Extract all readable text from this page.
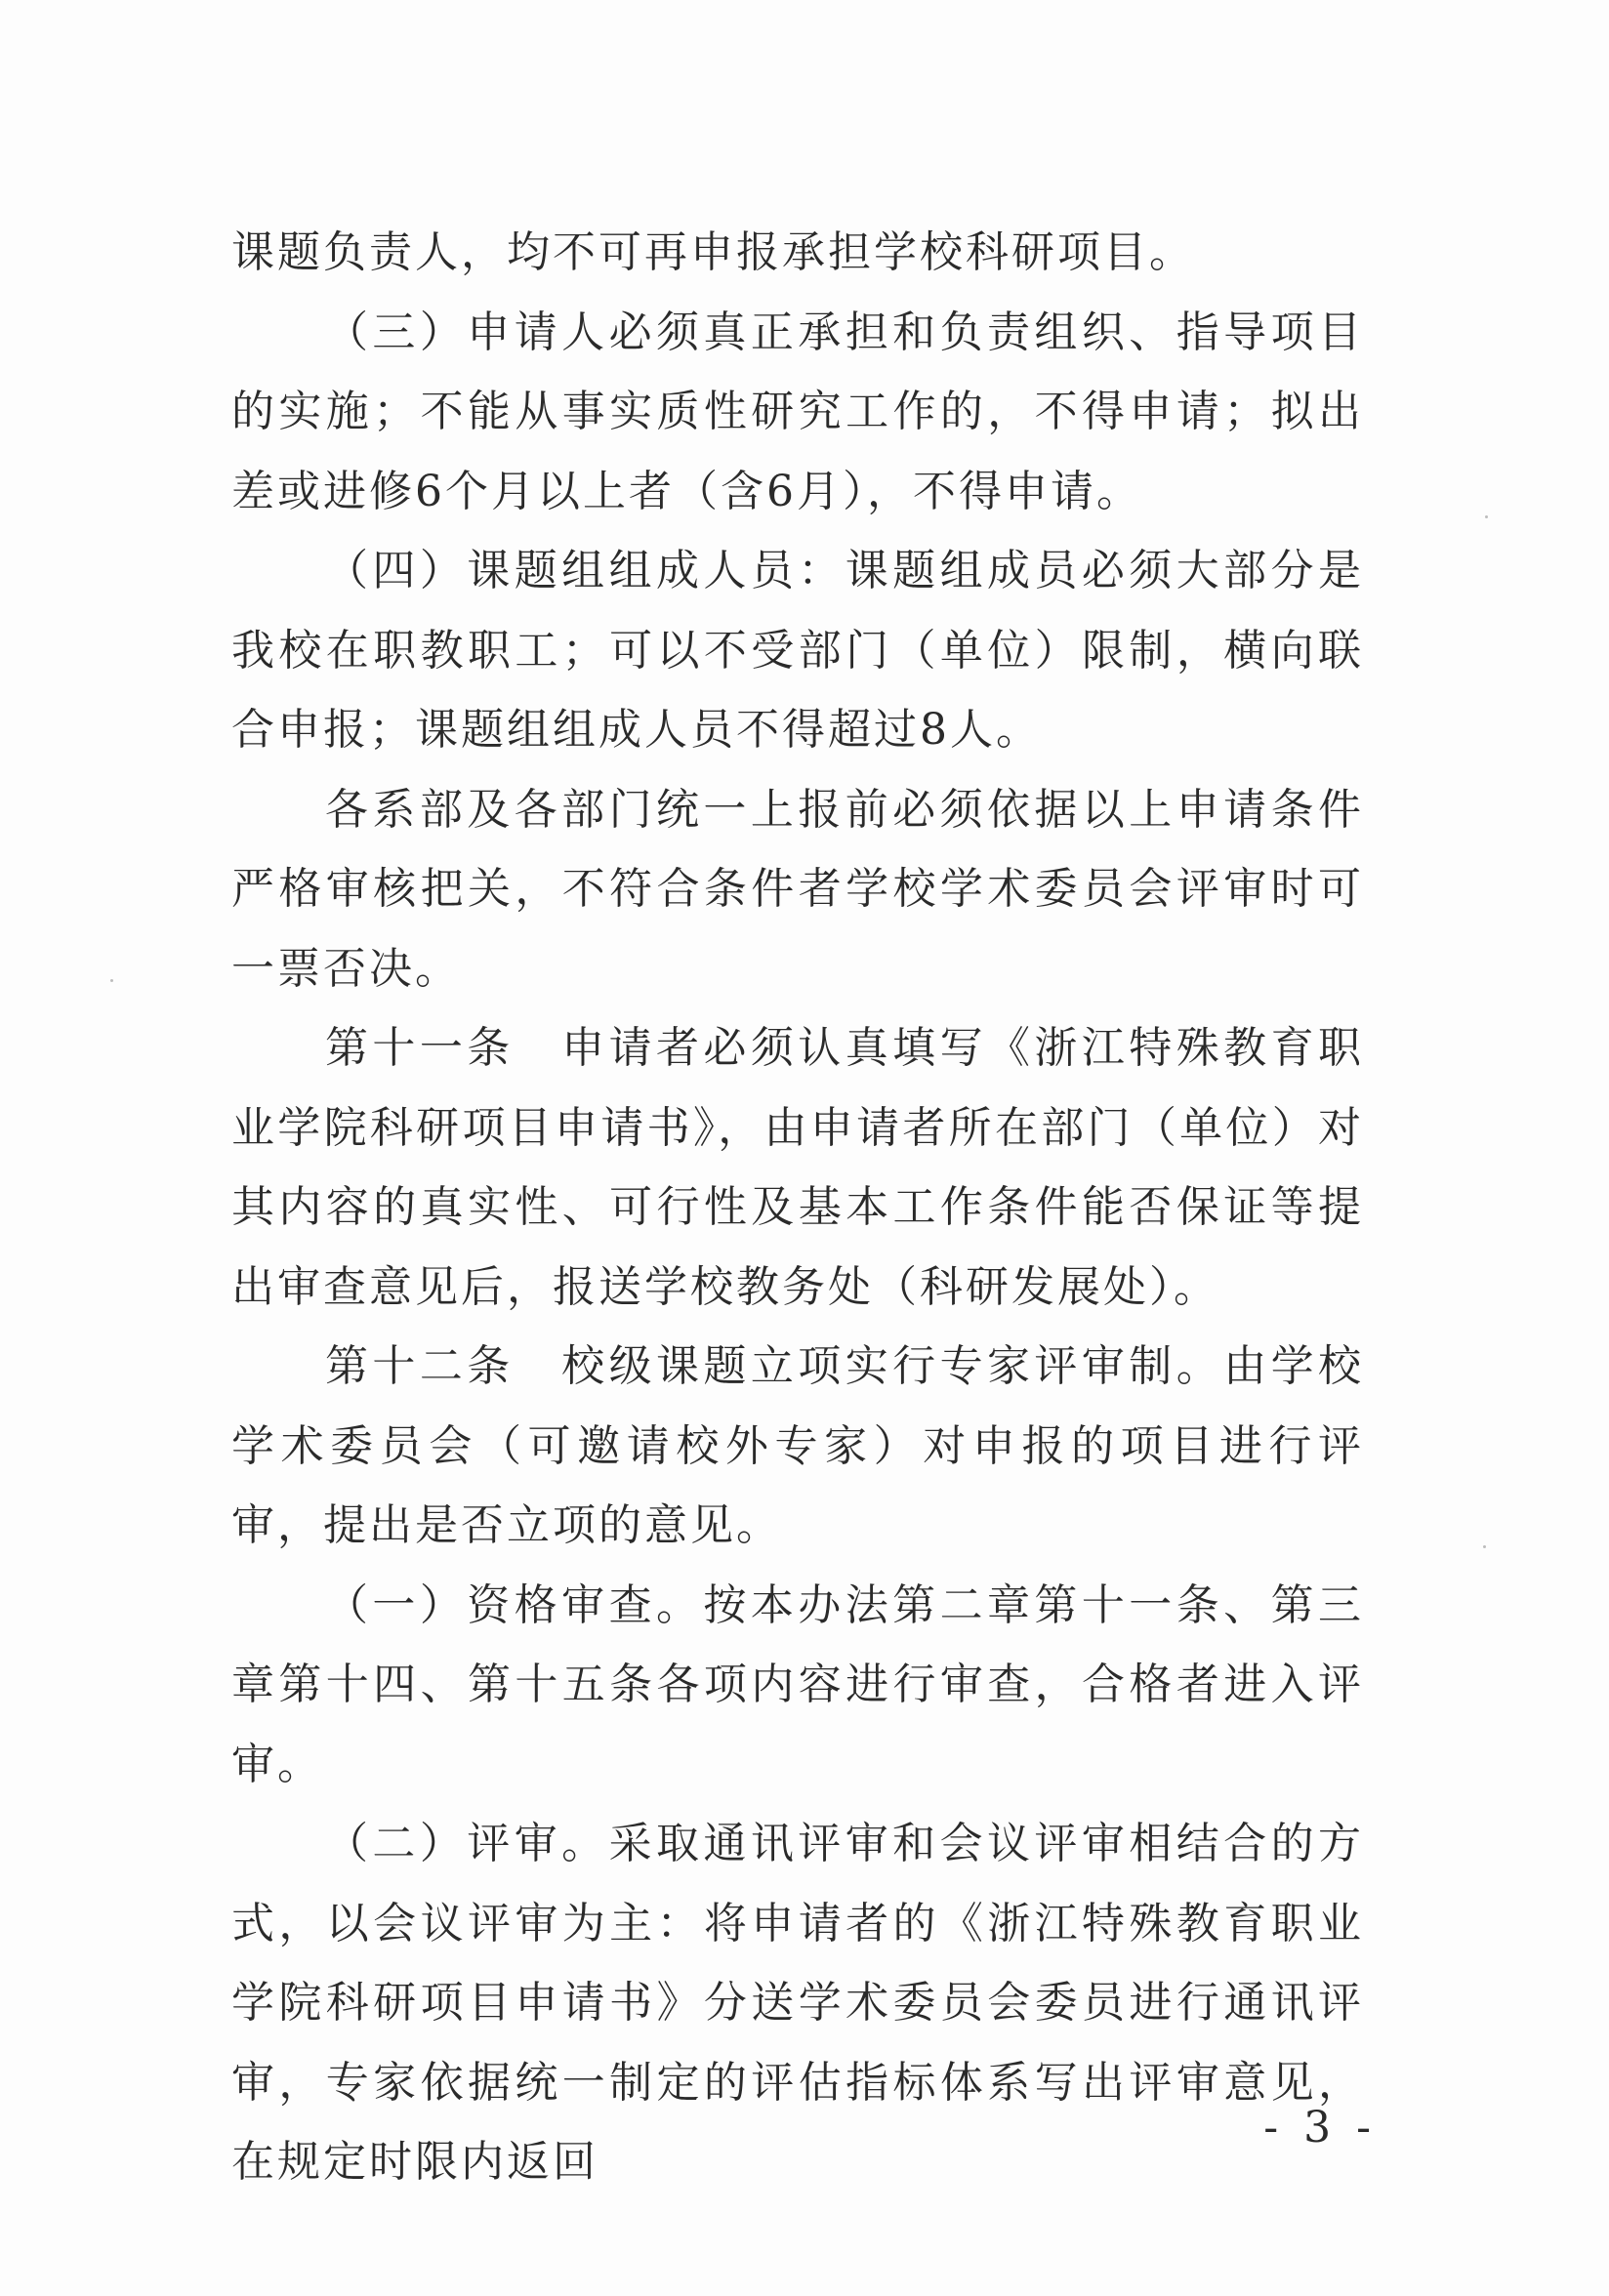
课题负责人，均不可再申报承担学校科研项目。

（三）申请人必须真正承担和负责组织、指导项目的实施；不能从事实质性研究工作的，不得申请；拟出差或进修6个月以上者（含6月），不得申请。

（四）课题组组成人员：课题组成员必须大部分是我校在职教职工；可以不受部门（单位）限制，横向联合申报；课题组组成人员不得超过8人。

各系部及各部门统一上报前必须依据以上申请条件严格审核把关，不符合条件者学校学术委员会评审时可一票否决。

第十一条　申请者必须认真填写《浙江特殊教育职业学院科研项目申请书》，由申请者所在部门（单位）对其内容的真实性、可行性及基本工作条件能否保证等提出审查意见后，报送学校教务处（科研发展处）。

第十二条　校级课题立项实行专家评审制。由学校学术委员会（可邀请校外专家）对申报的项目进行评审，提出是否立项的意见。

（一）资格审查。按本办法第二章第十一条、第三章第十四、第十五条各项内容进行审查，合格者进入评审。

（二）评审。采取通讯评审和会议评审相结合的方式，以会议评审为主：将申请者的《浙江特殊教育职业学院科研项目申请书》分送学术委员会委员进行通讯评审，专家依据统一制定的评估指标体系写出评审意见，在规定时限内返回

- 3 -
